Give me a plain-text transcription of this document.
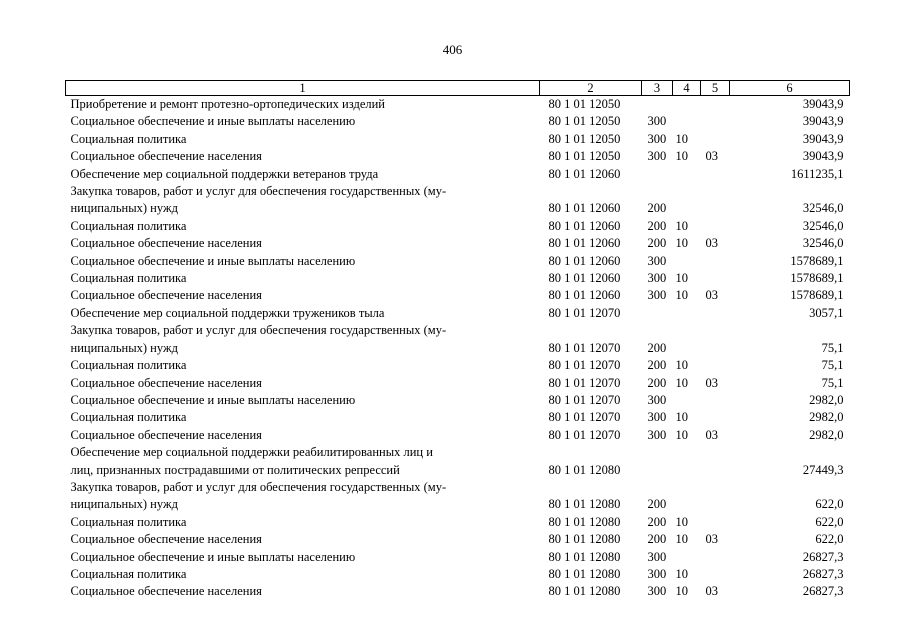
406
1	2	3	4	5	6

Приобретение и ремонт протезно-ортопедических изделий	80 1 01 12050				39043,9

Социальное обеспечение и иные выплаты населению	80 1 01 12050	300			39043,9

Социальная политика	80 1 01 12050	300	10		39043,9

Социальное обеспечение населения	80 1 01 12050	300	10	03	39043,9

Обеспечение мер социальной поддержки ветеранов труда	80 1 01 12060				1611235,1

Закупка товаров, работ и услуг для обеспечения государственных (му-
ниципальных) нужд	80 1 01 12060	200			32546,0

Социальная политика	80 1 01 12060	200	10		32546,0

Социальное обеспечение населения	80 1 01 12060	200	10	03	32546,0

Социальное обеспечение и иные выплаты населению	80 1 01 12060	300			1578689,1

Социальная политика	80 1 01 12060	300	10		1578689,1

Социальное обеспечение населения	80 1 01 12060	300	10	03	1578689,1

Обеспечение мер социальной поддержки тружеников тыла	80 1 01 12070				3057,1

Закупка товаров, работ и услуг для обеспечения государственных (му-
ниципальных) нужд	80 1 01 12070	200			75,1

Социальная политика	80 1 01 12070	200	10		75,1

Социальное обеспечение населения	80 1 01 12070	200	10	03	75,1

Социальное обеспечение и иные выплаты населению	80 1 01 12070	300			2982,0

Социальная политика	80 1 01 12070	300	10		2982,0

Социальное обеспечение населения	80 1 01 12070	300	10	03	2982,0

Обеспечение мер социальной поддержки реабилитированных лиц и
лиц, признанных пострадавшими от политических репрессий	80 1 01 12080				27449,3

Закупка товаров, работ и услуг для обеспечения государственных (му-
ниципальных) нужд	80 1 01 12080	200			622,0

Социальная политика	80 1 01 12080	200	10		622,0

Социальное обеспечение населения	80 1 01 12080	200	10	03	622,0

Социальное обеспечение и иные выплаты населению	80 1 01 12080	300			26827,3

Социальная политика	80 1 01 12080	300	10		26827,3

Социальное обеспечение населения	80 1 01 12080	300	10	03	26827,3
